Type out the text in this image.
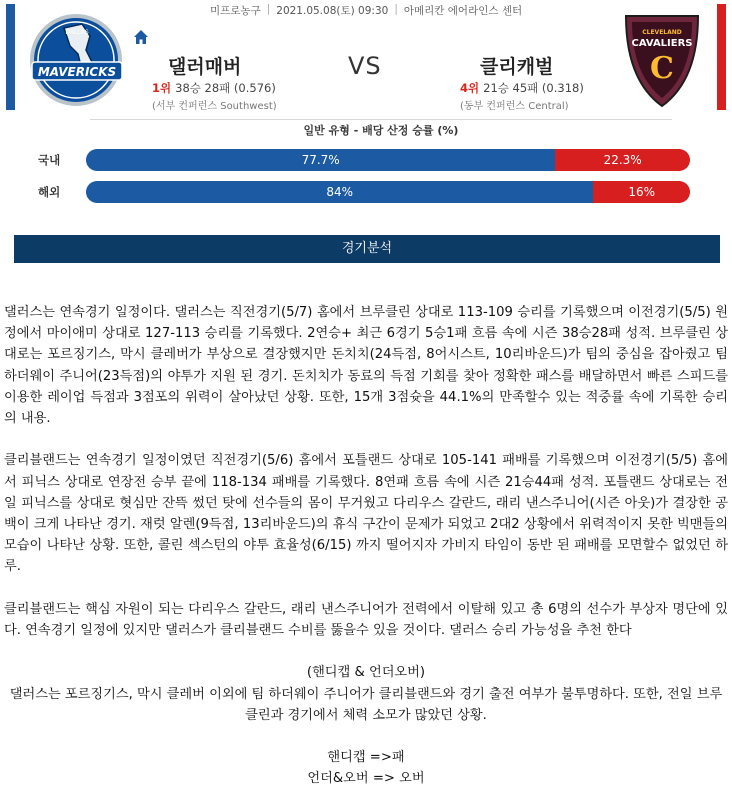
미프로농구 | 2021.05.08(토) 09:30 | 아메리칸 에어라인스 센터
MAVERICKS
DALLAS	CLEVELAND
CAVALIERS
C
댈러매버	VS	클리캐벌
1위 38승 28패 (0.576)	4위 21승 45패 (0.318)
(서부 컨퍼런스 Southwest)	(동부 컨퍼런스 Central)
일반 유형 - 배당 산정 승률 (%)
국내	77.7%	22.3%
해외	84%	16%
경기분석

댈러스는 연속경기 일정이다. 댈러스는 직전경기(5/7) 홈에서 브루클린 상대로 113-109 승리를 기록했으며 이전경기(5/5) 원정에서 마이애미 상대로 127-113 승리를 기록했다. 2연승+ 최근 6경기 5승1패 흐름 속에 시즌 38승28패 성적. 브루클린 상대로는 포르징기스, 막시 클레버가 부상으로 결장했지만 돈치치(24득점, 8어시스트, 10리바운드)가 팀의 중심을 잡아줬고 팀 하더웨이 주니어(23득점)의 야투가 지원 된 경기. 돈치치가 동료의 득점 기회를 찾아 정확한 패스를 배달하면서 빠른 스피드를 이용한 레이업 득점과 3점포의 위력이 살아났던 상황. 또한, 15개 3점슛을 44.1%의 만족할수 있는 적중률 속에 기록한 승리의 내용.

클리블랜드는 연속경기 일정이였던 직전경기(5/6) 홈에서 포틀랜드 상대로 105-141 패배를 기록했으며 이전경기(5/5) 홈에서 피닉스 상대로 연장전 승부 끝에 118-134 패배를 기록했다. 8연패 흐름 속에 시즌 21승44패 성적. 포틀랜드 상대로는 전일 피닉스를 상대로 혓심만 잔뜩 썼던 탓에 선수들의 몸이 무거웠고 다리우스 갈란드, 래리 낸스주니어(시즌 아웃)가 결장한 공백이 크게 나타난 경기. 재럿 알렌(9득점, 13리바운드)의 휴식 구간이 문제가 되었고 2대2 상황에서 위력적이지 못한 빅맨들의 모습이 나타난 상황. 또한, 콜린 섹스턴의 야투 효율성(6/15) 까지 떨어지자 가비지 타임이 동반 된 패배를 모면할수 없었던 하루.

클리블랜드는 핵심 자원이 되는 다리우스 갈란드, 래리 낸스주니어가 전력에서 이탈해 있고 총 6명의 선수가 부상자 명단에 있다. 연속경기 일정에 있지만 댈러스가 클리블랜드 수비를 뚫을수 있을 것이다. 댈러스 승리 가능성을 추천 한다

(핸디캡 & 언더오버)

댈러스는 포르징기스, 막시 클레버 이외에 팀 하더웨이 주니어가 클리블랜드와 경기 출전 여부가 불투명하다. 또한, 전일 브루클린과 경기에서 체력 소모가 많았던 상황.

핸디캡 =>패

언더&오버 => 오버
